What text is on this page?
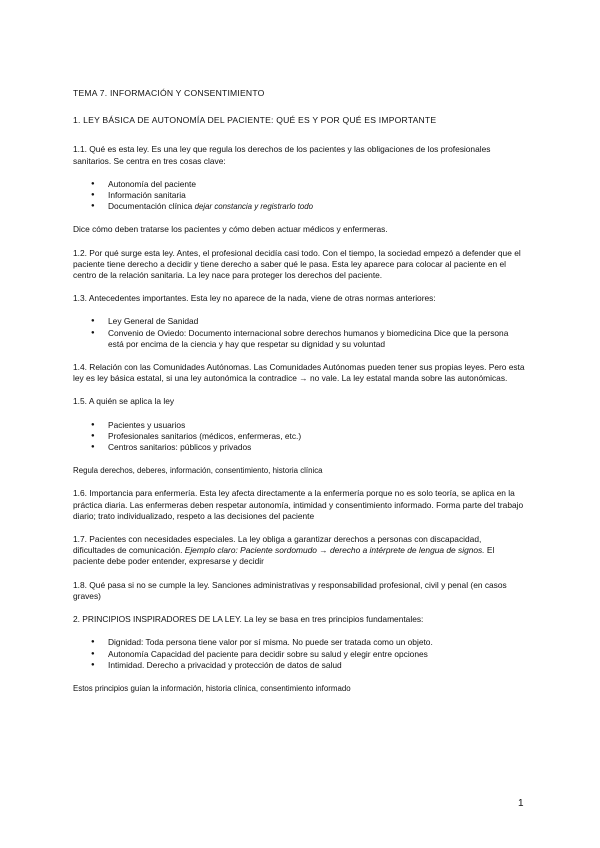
TEMA 7. INFORMACIÓN Y CONSENTIMIENTO
1. LEY BÁSICA DE AUTONOMÍA DEL PACIENTE: QUÉ ES Y POR QUÉ ES IMPORTANTE

1.1. Qué es esta ley. Es una ley que regula los derechos de los pacientes y las obligaciones de los profesionales sanitarios. Se centra en tres cosas clave:

● Autonomía del paciente
● Información sanitaria
● Documentación clínica dejar constancia y registrarlo todo

Dice cómo deben tratarse los pacientes y cómo deben actuar médicos y enfermeras.

1.2. Por qué surge esta ley. Antes, el profesional decidía casi todo. Con el tiempo, la sociedad empezó a defender que el paciente tiene derecho a decidir y tiene derecho a saber qué le pasa. Esta ley aparece para colocar al paciente en el centro de la relación sanitaria. La ley nace para proteger los derechos del paciente.

1.3. Antecedentes importantes. Esta ley no aparece de la nada, viene de otras normas anteriores:

● Ley General de Sanidad
● Convenio de Oviedo: Documento internacional sobre derechos humanos y biomedicina Dice que la persona está por encima de la ciencia y hay que respetar su dignidad y su voluntad

1.4. Relación con las Comunidades Autónomas. Las Comunidades Autónomas pueden tener sus propias leyes. Pero esta ley es ley básica estatal, si una ley autonómica la contradice → no vale. La ley estatal manda sobre las autonómicas.

1.5. A quién se aplica la ley

● Pacientes y usuarios
● Profesionales sanitarios (médicos, enfermeras, etc.)
● Centros sanitarios: públicos y privados

Regula derechos, deberes, información, consentimiento, historia clínica

1.6. Importancia para enfermería. Esta ley afecta directamente a la enfermería porque no es solo teoría, se aplica en la práctica diaria. Las enfermeras deben respetar autonomía, intimidad y consentimiento informado. Forma parte del trabajo diario; trato individualizado, respeto a las decisiones del paciente

1.7. Pacientes con necesidades especiales. La ley obliga a garantizar derechos a personas con discapacidad, dificultades de comunicación. Ejemplo claro: Paciente sordomudo → derecho a intérprete de lengua de signos. El paciente debe poder entender, expresarse y decidir

1.8. Qué pasa si no se cumple la ley. Sanciones administrativas y responsabilidad profesional, civil y penal (en casos graves)

2. PRINCIPIOS INSPIRADORES DE LA LEY. La ley se basa en tres principios fundamentales:

● Dignidad: Toda persona tiene valor por sí misma. No puede ser tratada como un objeto.
● Autonomía Capacidad del paciente para decidir sobre su salud y elegir entre opciones
● Intimidad. Derecho a privacidad y protección de datos de salud

Estos principios guían la información, historia clínica, consentimiento informado

1
